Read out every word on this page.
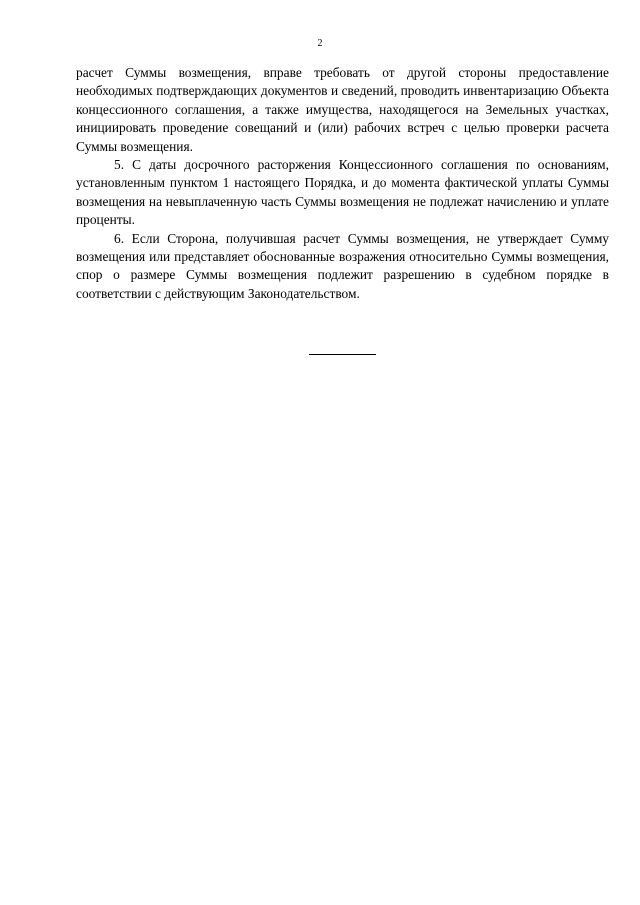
2

расчет Суммы возмещения, вправе требовать от другой стороны предоставление необходимых подтверждающих документов и сведений, проводить инвентаризацию Объекта концессионного соглашения, а также имущества, находящегося на Земельных участках, инициировать проведение совещаний и (или) рабочих встреч с целью проверки расчета Суммы возмещения.

5. С даты досрочного расторжения Концессионного соглашения по основаниям, установленным пунктом 1 настоящего Порядка, и до момента фактической уплаты Суммы возмещения на невыплаченную часть Суммы возмещения не подлежат начислению и уплате проценты.

6. Если Сторона, получившая расчет Суммы возмещения, не утверждает Сумму возмещения или представляет обоснованные возражения относительно Суммы возмещения, спор о размере Суммы возмещения подлежит разрешению в судебном порядке в соответствии с действующим Законодательством.
